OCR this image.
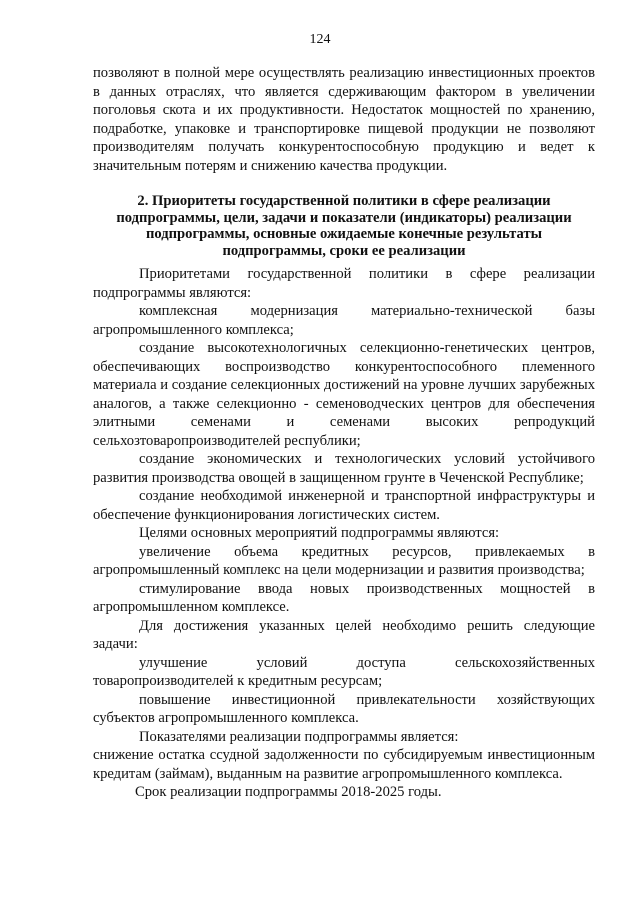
124

позволяют в полной мере осуществлять реализацию инвестиционных проектов в данных отраслях, что является сдерживающим фактором в увеличении поголовья скота и их продуктивности. Недостаток мощностей по хранению, подработке, упаковке и транспортировке пищевой продукции не позволяют производителям получать конкурентоспособную продукцию и ведет к значительным потерям и снижению качества продукции.

2. Приоритеты государственной политики в сфере реализации
подпрограммы, цели, задачи и показатели (индикаторы) реализации
подпрограммы, основные ожидаемые конечные результаты
подпрограммы, сроки ее реализации

Приоритетами государственной политики в сфере реализации подпрограммы являются:

комплексная модернизация материально-технической базы агропромышленного комплекса;

создание высокотехнологичных селекционно-генетических центров, обеспечивающих воспроизводство конкурентоспособного племенного материала и создание селекционных достижений на уровне лучших зарубежных аналогов, а также селекционно - семеноводческих центров для обеспечения элитными семенами и семенами высоких репродукций сельхозтоваропроизводителей республики;

создание экономических и технологических условий устойчивого развития производства овощей в защищенном грунте в Чеченской Республике;

создание необходимой инженерной и транспортной инфраструктуры и обеспечение функционирования логистических систем.

Целями основных мероприятий подпрограммы являются:

увеличение объема кредитных ресурсов, привлекаемых в агропромышленный комплекс на цели модернизации и развития производства;

стимулирование ввода новых производственных мощностей в агропромышленном комплексе.

Для достижения указанных целей необходимо решить следующие задачи:

улучшение условий доступа сельскохозяйственных товаропроизводителей к кредитным ресурсам;

повышение инвестиционной привлекательности хозяйствующих субъектов агропромышленного комплекса.

Показателями реализации подпрограммы является:

снижение остатка ссудной задолженности по субсидируемым инвестиционным кредитам (займам), выданным на развитие агропромышленного комплекса.

Срок реализации подпрограммы 2018-2025 годы.
